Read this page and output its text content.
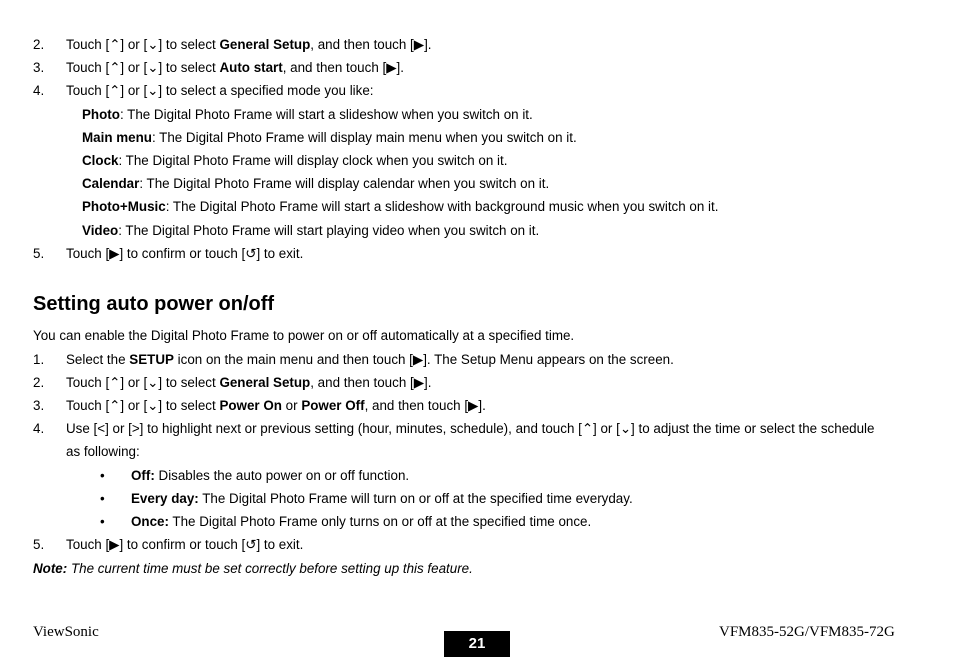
2. Touch [⌃] or [⌄] to select General Setup, and then touch [▶].
3. Touch [⌃] or [⌄] to select Auto start, and then touch [▶].
4. Touch [⌃] or [⌄] to select a specified mode you like:
Photo: The Digital Photo Frame will start a slideshow when you switch on it.
Main menu: The Digital Photo Frame will display main menu when you switch on it.
Clock: The Digital Photo Frame will display clock when you switch on it.
Calendar: The Digital Photo Frame will display calendar when you switch on it.
Photo+Music: The Digital Photo Frame will start a slideshow with background music when you switch on it.
Video: The Digital Photo Frame will start playing video when you switch on it.
5. Touch [▶] to confirm or touch [↺] to exit.
Setting auto power on/off
You can enable the Digital Photo Frame to power on or off automatically at a specified time.
1. Select the SETUP icon on the main menu and then touch [▶]. The Setup Menu appears on the screen.
2. Touch [⌃] or [⌄] to select General Setup, and then touch [▶].
3. Touch [⌃] or [⌄] to select Power On or Power Off, and then touch [▶].
4. Use [<] or [>] to highlight next or previous setting (hour, minutes, schedule), and touch [⌃] or [⌄] to adjust the time or select the schedule
as following:
• Off: Disables the auto power on or off function.
• Every day: The Digital Photo Frame will turn on or off at the specified time everyday.
• Once: The Digital Photo Frame only turns on or off at the specified time once.
5. Touch [▶] to confirm or touch [↺] to exit.
Note: The current time must be set correctly before setting up this feature.
ViewSonic
21
VFM835-52G/VFM835-72G
